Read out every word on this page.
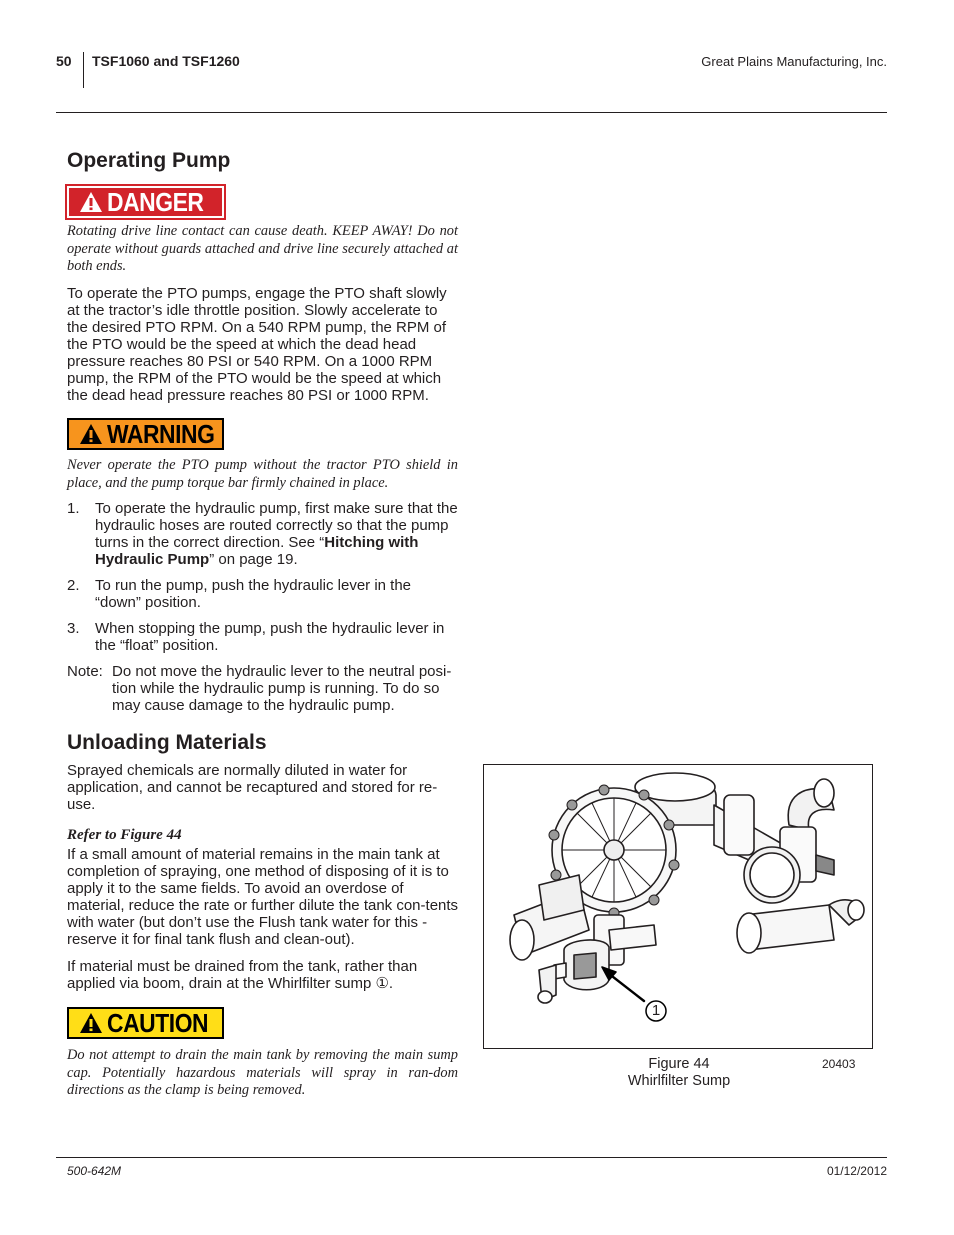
50 TSF1060 and TSF1260	Great Plains Manufacturing, Inc.
Operating Pump
DANGER
Rotating drive line contact can cause death. KEEP AWAY! Do not operate without guards attached and drive line securely attached at both ends.
To operate the PTO pumps, engage the PTO shaft slowly at the tractor’s idle throttle position. Slowly accelerate to the desired PTO RPM. On a 540 RPM pump, the RPM of the PTO would be the speed at which the dead head pressure reaches 80 PSI or 540 RPM. On a 1000 RPM pump, the RPM of the PTO would be the speed at which the dead head pressure reaches 80 PSI or 1000 RPM.
WARNING
Never operate the PTO pump without the tractor PTO shield in place, and the pump torque bar firmly chained in place.
1. To operate the hydraulic pump, first make sure that the hydraulic hoses are routed correctly so that the pump turns in the correct direction. See “Hitching with Hydraulic Pump” on page 19.
2. To run the pump, push the hydraulic lever in the “down” position.
3. When stopping the pump, push the hydraulic lever in the “float” position.
Note: Do not move the hydraulic lever to the neutral posi-tion while the hydraulic pump is running. To do so may cause damage to the hydraulic pump.
Unloading Materials
Sprayed chemicals are normally diluted in water for application, and cannot be recaptured and stored for re-use.
Refer to Figure 44
If a small amount of material remains in the main tank at completion of spraying, one method of disposing of it is to apply it to the same fields. To avoid an overdose of material, reduce the rate or further dilute the tank con-tents with water (but don’t use the Flush tank water for this - reserve it for final tank flush and clean-out).
If material must be drained from the tank, rather than applied via boom, drain at the Whirlfilter sump ①.
CAUTION
Do not attempt to drain the main tank by removing the main sump cap. Potentially hazardous materials will spray in ran-dom directions as the clamp is being removed.
1
Figure 44
Whirlfilter Sump
20403
500-642M	01/12/2012
